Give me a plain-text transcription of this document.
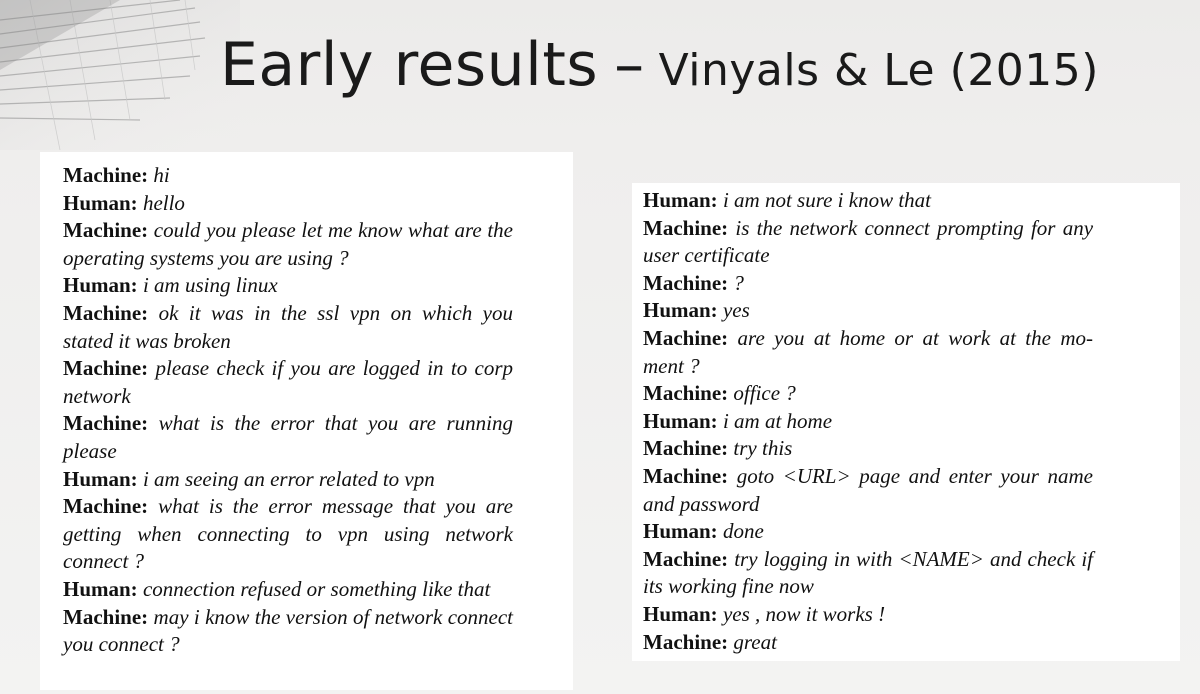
Early results – Vinyals & Le (2015)
Machine: hi
Human: hello
Machine: could you please let me know what are the operating systems you are using ?
Human: i am using linux
Machine: ok it was in the ssl vpn on which you stated it was broken
Machine: please check if you are logged in to corp network
Machine: what is the error that you are running please
Human: i am seeing an error related to vpn
Machine: what is the error message that you are getting when connecting to vpn using network connect ?
Human: connection refused or something like that
Machine: may i know the version of network connect you connect ?
Human: i am not sure i know that
Machine: is the network connect prompting for any user certificate
Machine: ?
Human: yes
Machine: are you at home or at work at the mo- ment ?
Machine: office ?
Human: i am at home
Machine: try this
Machine: goto <URL> page and enter your name and password
Human: done
Machine: try logging in with <NAME> and check if its working fine now
Human: yes , now it works !
Machine: great
